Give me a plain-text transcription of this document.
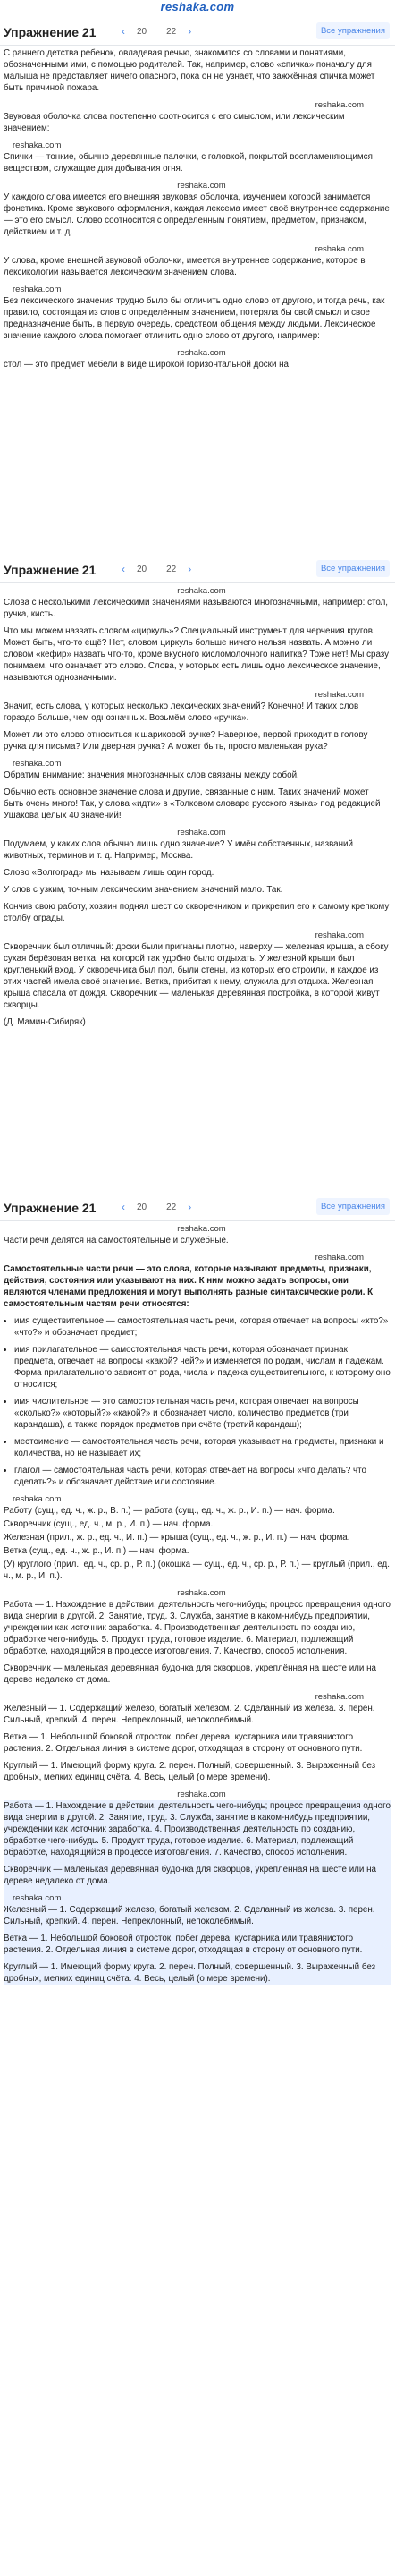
reshaka.com
Упражнение 21	‹	20 22	›	Все упражнения

С раннего детства ребенок, овладевая речью, знакомится со словами и понятиями, обозначенными ими, с помощью родителей. Так, например, слово «спичка» поначалу для малыша не представляет ничего опасного, пока он не узнает, что зажжённая спичка может быть причиной пожара.

reshaka.com

Звуковая оболочка слова постепенно соотносится с его смыслом, или лексическим значением:

reshaka.com

Спички — тонкие, обычно деревянные палочки, с головкой, покрытой воспламеняющимся веществом, служащие для добывания огня.

reshaka.com

У каждого слова имеется его внешняя звуковая оболочка, изучением которой занимается фонетика. Кроме звукового оформления, каждая лексема имеет своё внутреннее содержание — это его смысл. Слово соотносится с определённым понятием, предметом, признаком, действием и т. д.

reshaka.com

У слова, кроме внешней звуковой оболочки, имеется внутреннее содержание, которое в лексикологии называется лексическим значением слова.

reshaka.com

Без лексического значения трудно было бы отличить одно слово от другого, и тогда речь, как правило, состоящая из слов с определённым значением, потеряла бы свой смысл и свое предназначение быть, в первую очередь, средством общения между людьми. Лексическое значение каждого слова помогает отличить одно слово от другого, например:

reshaka.com

стол — это предмет мебели в виде широкой горизонтальной доски на

Упражнение 21	‹	20 22	›	Все упражнения
reshaka.com

Слова с несколькими лексическими значениями называются многозначными, например: стол, ручка, кисть.

Что мы можем назвать словом «циркуль»? Специальный инструмент для черчения кругов. Может быть, что-то ещё? Нет, словом циркуль больше ничего нельзя назвать. А можно ли словом «кефир» назвать что-то, кроме вкусного кисломолочного напитка? Тоже нет! Мы сразу понимаем, что означает это слово. Слова, у которых есть лишь одно лексическое значение, называются однозначными.

reshaka.com

Значит, есть слова, у которых несколько лексических значений? Конечно! И таких слов гораздо больше, чем однозначных. Возьмём слово «ручка».

Может ли это слово относиться к шариковой ручке? Наверное, первой приходит в голову ручка для письма? Или дверная ручка? А может быть, просто маленькая рука?

reshaka.com

Обратим внимание: значения многозначных слов связаны между собой.

Обычно есть основное значение слова и другие, связанные с ним. Таких значений может быть очень много! Так, у слова «идти» в «Толковом словаре русского языка» под редакцией Ушакова целых 40 значений!

reshaka.com

Подумаем, у каких слов обычно лишь одно значение? У имён собственных, названий животных, терминов и т. д. Например, Москва.

Слово «Волгоград» мы называем лишь один город.

У слов с узким, точным лексическим значением значений мало. Так.

Кончив свою работу, хозяин поднял шест со скворечником и прикрепил его к самому крепкому столбу ограды.

reshaka.com

Скворечник был отличный: доски были пригнаны плотно, наверху — железная крыша, а сбоку сухая берёзовая ветка, на которой так удобно было отдыхать. У железной крыши был кругленький вход. У скворечника был пол, были стены, из которых его строили, и каждое из этих частей имела своё значение. Ветка, прибитая к нему, служила для отдыха. Железная крыша спасала от дождя. Скворечник — маленькая деревянная постройка, в которой живут скворцы.

(Д. Мамин-Сибиряк)

Упражнение 21	‹	20 22	›	Все упражнения
reshaka.com

Части речи делятся на самостоятельные и служебные.

reshaka.com

Самостоятельные части речи — это слова, которые называют предметы, признаки, действия, состояния или указывают на них. К ним можно задать вопросы, они являются членами предложения и могут выполнять разные синтаксические роли. К самостоятельным частям речи относятся:

• имя существительное — самостоятельная часть речи, которая отвечает на вопросы «кто?» «что?» и обозначает предмет;
• имя прилагательное — самостоятельная часть речи, которая обозначает признак предмета, отвечает на вопросы «какой? чей?» и изменяется по родам, числам и падежам. Форма прилагательного зависит от рода, числа и падежа существительного, к которому оно относится;
• имя числительное — это самостоятельная часть речи, которая отвечает на вопросы «сколько?» «который?» «какой?» и обозначает число, количество предметов (три карандаша), а также порядок предметов при счёте (третий карандаш);
• местоимение — самостоятельная часть речи, которая указывает на предметы, признаки и количества, но не называет их;
• глагол — самостоятельная часть речи, которая отвечает на вопросы «что делать? что сделать?» и обозначает действие или состояние.
reshaka.com

Работу (сущ., ед. ч., ж. р., В. п.) — работа (сущ., ед. ч., ж. р., И. п.) — нач. форма.

Скворечник (сущ., ед. ч., м. р., И. п.) — нач. форма.

Железная (прил., ж. р., ед. ч., И. п.) — крыша (сущ., ед. ч., ж. р., И. п.) — нач. форма.

Ветка (сущ., ед. ч., ж. р., И. п.) — нач. форма.

(У) круглого (прил., ед. ч., ср. р., Р. п.) (окошка — сущ., ед. ч., ср. р., Р. п.) — круглый (прил., ед. ч., м. р., И. п.).

reshaka.com

Работа — 1. Нахождение в действии, деятельность чего-нибудь; процесс превращения одного вида энергии в другой. 2. Занятие, труд. 3. Служба, занятие в каком-нибудь предприятии, учреждении как источник заработка. 4. Производственная деятельность по созданию, обработке чего-нибудь. 5. Продукт труда, готовое изделие. 6. Материал, подлежащий обработке, находящийся в процессе изготовления. 7. Качество, способ исполнения.

Скворечник — маленькая деревянная будочка для скворцов, укреплённая на шесте или на дереве недалеко от дома.

reshaka.com

Железный — 1. Содержащий железо, богатый железом. 2. Сделанный из железа. 3. перен. Сильный, крепкий. 4. перен. Непреклонный, непоколебимый.

Ветка — 1. Небольшой боковой отросток, побег дерева, кустарника или травянистого растения. 2. Отдельная линия в системе дорог, отходящая в сторону от основного пути.

Круглый — 1. Имеющий форму круга. 2. перен. Полный, совершенный. 3. Выраженный без дробных, мелких единиц счёта. 4. Весь, целый (о мере времени).

reshaka.com

Работа — 1. Нахождение в действии, деятельность чего-нибудь; процесс превращения одного вида энергии в другой. 2. Занятие, труд. 3. Служба, занятие в каком-нибудь предприятии, учреждении как источник заработка. 4. Производственная деятельность по созданию, обработке чего-нибудь. 5. Продукт труда, готовое изделие. 6. Материал, подлежащий обработке, находящийся в процессе изготовления. 7. Качество, способ исполнения.

Скворечник — маленькая деревянная будочка для скворцов, укреплённая на шесте или на дереве недалеко от дома.

reshaka.com

Железный — 1. Содержащий железо, богатый железом. 2. Сделанный из железа. 3. перен. Сильный, крепкий. 4. перен. Непреклонный, непоколебимый.

Ветка — 1. Небольшой боковой отросток, побег дерева, кустарника или травянистого растения. 2. Отдельная линия в системе дорог, отходящая в сторону от основного пути.

Круглый — 1. Имеющий форму круга. 2. перен. Полный, совершенный. 3. Выраженный без дробных, мелких единиц счёта. 4. Весь, целый (о мере времени).
